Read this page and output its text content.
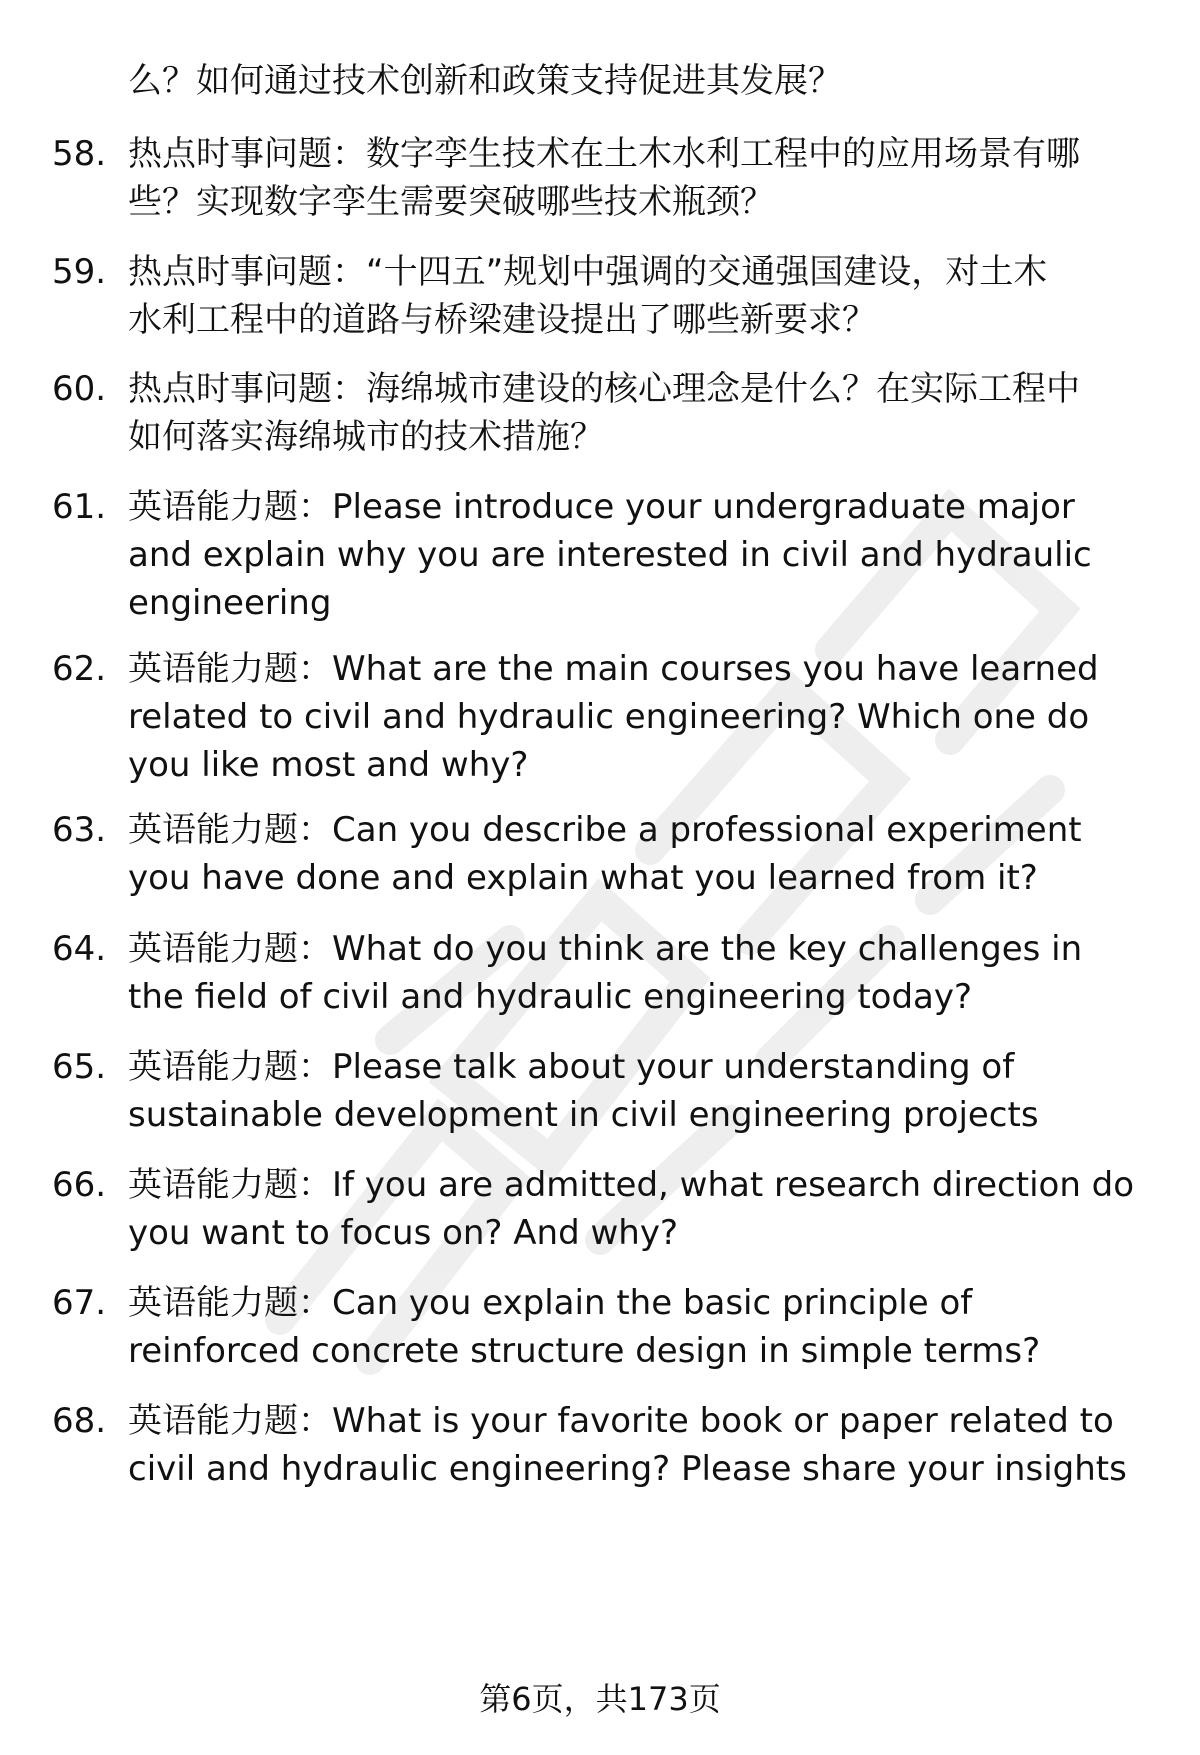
么？如何通过技术创新和政策支持促进其发展？
58. 热点时事问题：数字孪生技术在土木水利工程中的应用场景有哪
些？实现数字孪生需要突破哪些技术瓶颈？
59. 热点时事问题：“十四五”规划中强调的交通强国建设，对土木
水利工程中的道路与桥梁建设提出了哪些新要求？
60. 热点时事问题：海绵城市建设的核心理念是什么？在实际工程中
如何落实海绵城市的技术措施？
61. 英语能力题：Please introduce your undergraduate major
and explain why you are interested in civil and hydraulic
engineering
62. 英语能力题：What are the main courses you have learned
related to civil and hydraulic engineering? Which one do
you like most and why?
63. 英语能力题：Can you describe a professional experiment
you have done and explain what you learned from it?
64. 英语能力题：What do you think are the key challenges in
the field of civil and hydraulic engineering today?
65. 英语能力题：Please talk about your understanding of
sustainable development in civil engineering projects
66. 英语能力题：If you are admitted, what research direction do
you want to focus on? And why?
67. 英语能力题：Can you explain the basic principle of
reinforced concrete structure design in simple terms?
68. 英语能力题：What is your favorite book or paper related to
civil and hydraulic engineering? Please share your insights
第6页，共173页
